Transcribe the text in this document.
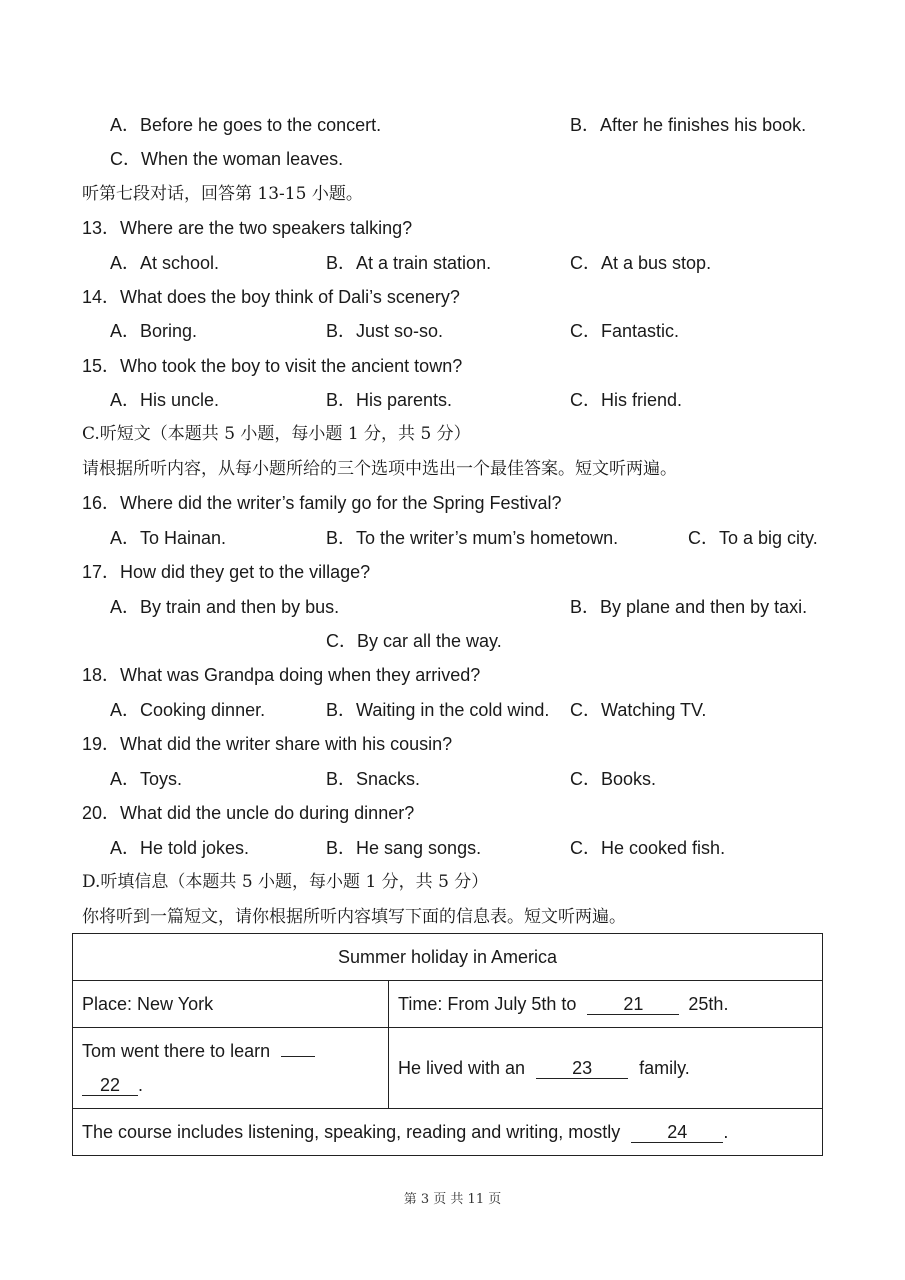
A．Before he goes to the concert.	B．After he finishes his book.
C．When the woman leaves.
听第七段对话，回答第 13-15 小题。
13．Where are the two speakers talking?
A．At school.	B．At a train station.	C．At a bus stop.
14．What does the boy think of Dali’s scenery?
A．Boring.	B．Just so-so.	C．Fantastic.
15．Who took the boy to visit the ancient town?
A．His uncle.	B．His parents.	C．His friend.
C.听短文（本题共 5 小题，每小题 1 分，共 5 分）
请根据所听内容，从每小题所给的三个选项中选出一个最佳答案。短文听两遍。
16．Where did the writer’s family go for the Spring Festival?
A．To Hainan.	B．To the writer’s mum’s hometown.	C．To a big city.
17．How did they get to the village?
A．By train and then by bus.	B．By plane and then by taxi.
C．By car all the way.
18．What was Grandpa doing when they arrived?
A．Cooking dinner.	B．Waiting in the cold wind. C．Watching TV.
19．What did the writer share with his cousin?
A．Toys.	B．Snacks.	C．Books.
20．What did the uncle do during dinner?
A．He told jokes.	B．He sang songs.	C．He cooked fish.
D.听填信息（本题共 5 小题，每小题 1 分，共 5 分）
你将听到一篇短文，请你根据所听内容填写下面的信息表。短文听两遍。
Summer holiday in America	
Place: New York	Time: From July 5th to 21 25th.
Tom went there to learn
22 .	He lived with an 23 family.
The course includes listening, speaking, reading and writing, mostly 24 .	
第 3 页 共 11 页
